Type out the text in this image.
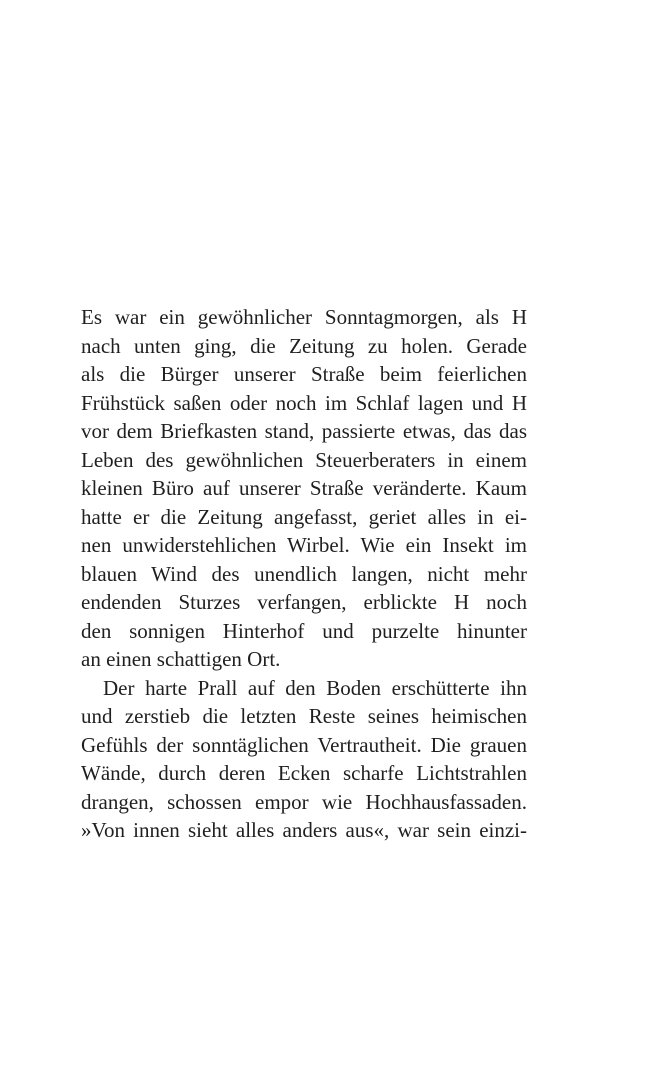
Es war ein gewöhnlicher Sonntagmorgen, als H
nach unten ging, die Zeitung zu holen. Gerade
als die Bürger unserer Straße beim feierlichen
Frühstück saßen oder noch im Schlaf lagen und H
vor dem Briefkasten stand, passierte etwas, das das
Leben des gewöhnlichen Steuerberaters in einem
kleinen Büro auf unserer Straße veränderte. Kaum
hatte er die Zeitung angefasst, geriet alles in ei-
nen unwiderstehlichen Wirbel. Wie ein Insekt im
blauen Wind des unendlich langen, nicht mehr
endenden Sturzes verfangen, erblickte H noch
den sonnigen Hinterhof und purzelte hinunter
an einen schattigen Ort.
Der harte Prall auf den Boden erschütterte ihn
und zerstieb die letzten Reste seines heimischen
Gefühls der sonntäglichen Vertrautheit. Die grauen
Wände, durch deren Ecken scharfe Lichtstrahlen
drangen, schossen empor wie Hochhausfassaden.
»Von innen sieht alles anders aus«, war sein einzi-
